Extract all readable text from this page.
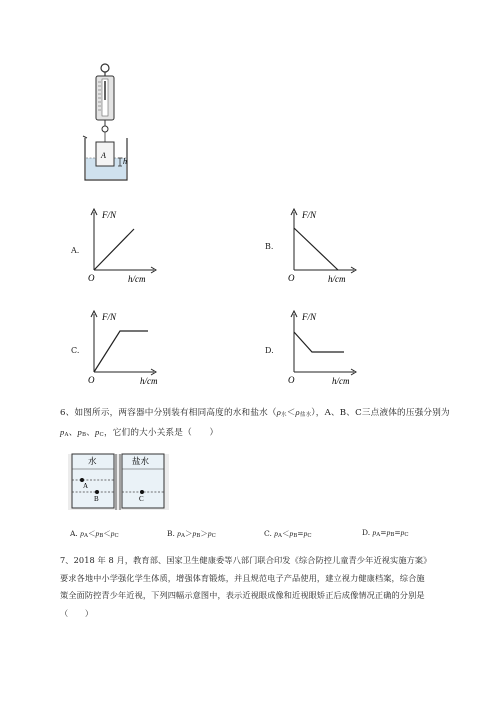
A
h
A.
F/N
O	h/cm
B.
F/N
O	h/cm
C.
F/N
O	h/cm
D.
F/N
O	h/cm
6、如图所示，两容器中分别装有相同高度的水和盐水（ρ水＜ρ盐水），A、B、C三点液体的压强分别为
pA、pB、pC，它们的大小关系是（　　）
水	盐水
A
B	C
A. pA＜pB＜pC	B. pA＞pB＞pC	C. pA＜pB=pC	D. pA=pB=pC
7、2018 年 8 月，教育部、国家卫生健康委等八部门联合印发《综合防控儿童青少年近视实施方案》
要求各地中小学强化学生体质，增强体育锻炼，并且规范电子产品使用，建立视力健康档案，综合施
策全面防控青少年近视，下列四幅示意图中，表示近视眼成像和近视眼矫正后成像情况正确的分别是
（　　）
